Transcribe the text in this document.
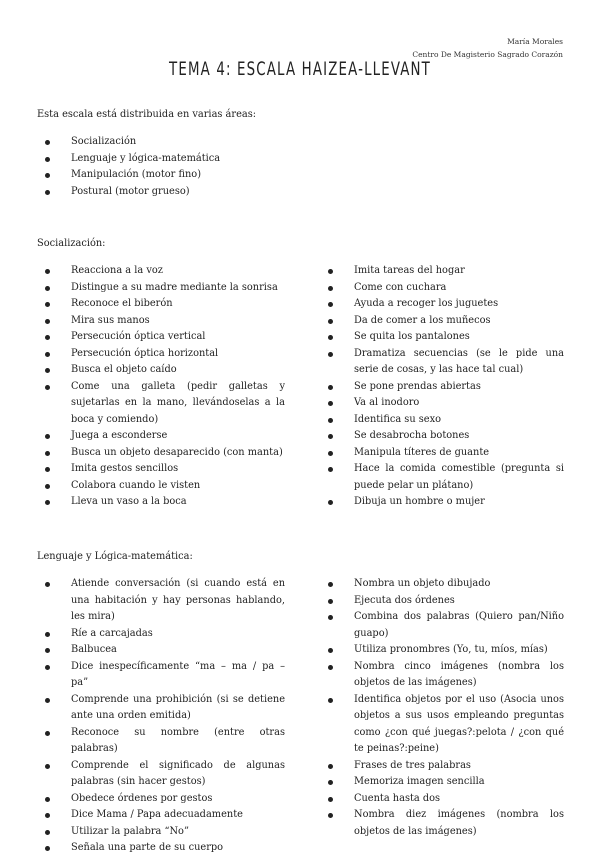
María Morales
Centro De Magisterio Sagrado Corazón
TEMA 4: ESCALA HAIZEA-LLEVANT
Esta escala está distribuida en varias áreas:
Socialización
Lenguaje y lógica-matemática
Manipulación (motor fino)
Postural (motor grueso)
Socialización:
Reacciona a la voz
Distingue a su madre mediante la sonrisa
Reconoce el biberón
Mira sus manos
Persecución óptica vertical
Persecución óptica horizontal
Busca el objeto caído
Come una galleta (pedir galletas y sujetarlas en la mano, llevándoselas a la boca y comiendo)
Juega a esconderse
Busca un objeto desaparecido (con manta)
Imita gestos sencillos
Colabora cuando le visten
Lleva un vaso a la boca
Imita tareas del hogar
Come con cuchara
Ayuda a recoger los juguetes
Da de comer a los muñecos
Se quita los pantalones
Dramatiza secuencias (se le pide una serie de cosas, y las hace tal cual)
Se pone prendas abiertas
Va al inodoro
Identifica su sexo
Se desabrocha botones
Manipula títeres de guante
Hace la comida comestible (pregunta si puede pelar un plátano)
Dibuja un hombre o mujer
Lenguaje y Lógica-matemática:
Atiende conversación (si cuando está en una habitación y hay personas hablando, les mira)
Ríe a carcajadas
Balbucea
Dice inespecíficamente “ma – ma / pa – pa”
Comprende una prohibición (si se detiene ante una orden emitida)
Reconoce su nombre (entre otras palabras)
Comprende el significado de algunas palabras (sin hacer gestos)
Obedece órdenes por gestos
Dice Mama / Papa adecuadamente
Utilizar la palabra “No”
Señala una parte de su cuerpo
Nombra un objeto dibujado
Ejecuta dos órdenes
Combina dos palabras (Quiero pan/Niño guapo)
Utiliza pronombres (Yo, tu, míos, mías)
Nombra cinco imágenes (nombra los objetos de las imágenes)
Identifica objetos por el uso (Asocia unos objetos a sus usos empleando preguntas como ¿con qué juegas?:pelota / ¿con qué te peinas?:peine)
Frases de tres palabras
Memoriza imagen sencilla
Cuenta hasta dos
Nombra diez imágenes (nombra los objetos de las imágenes)
